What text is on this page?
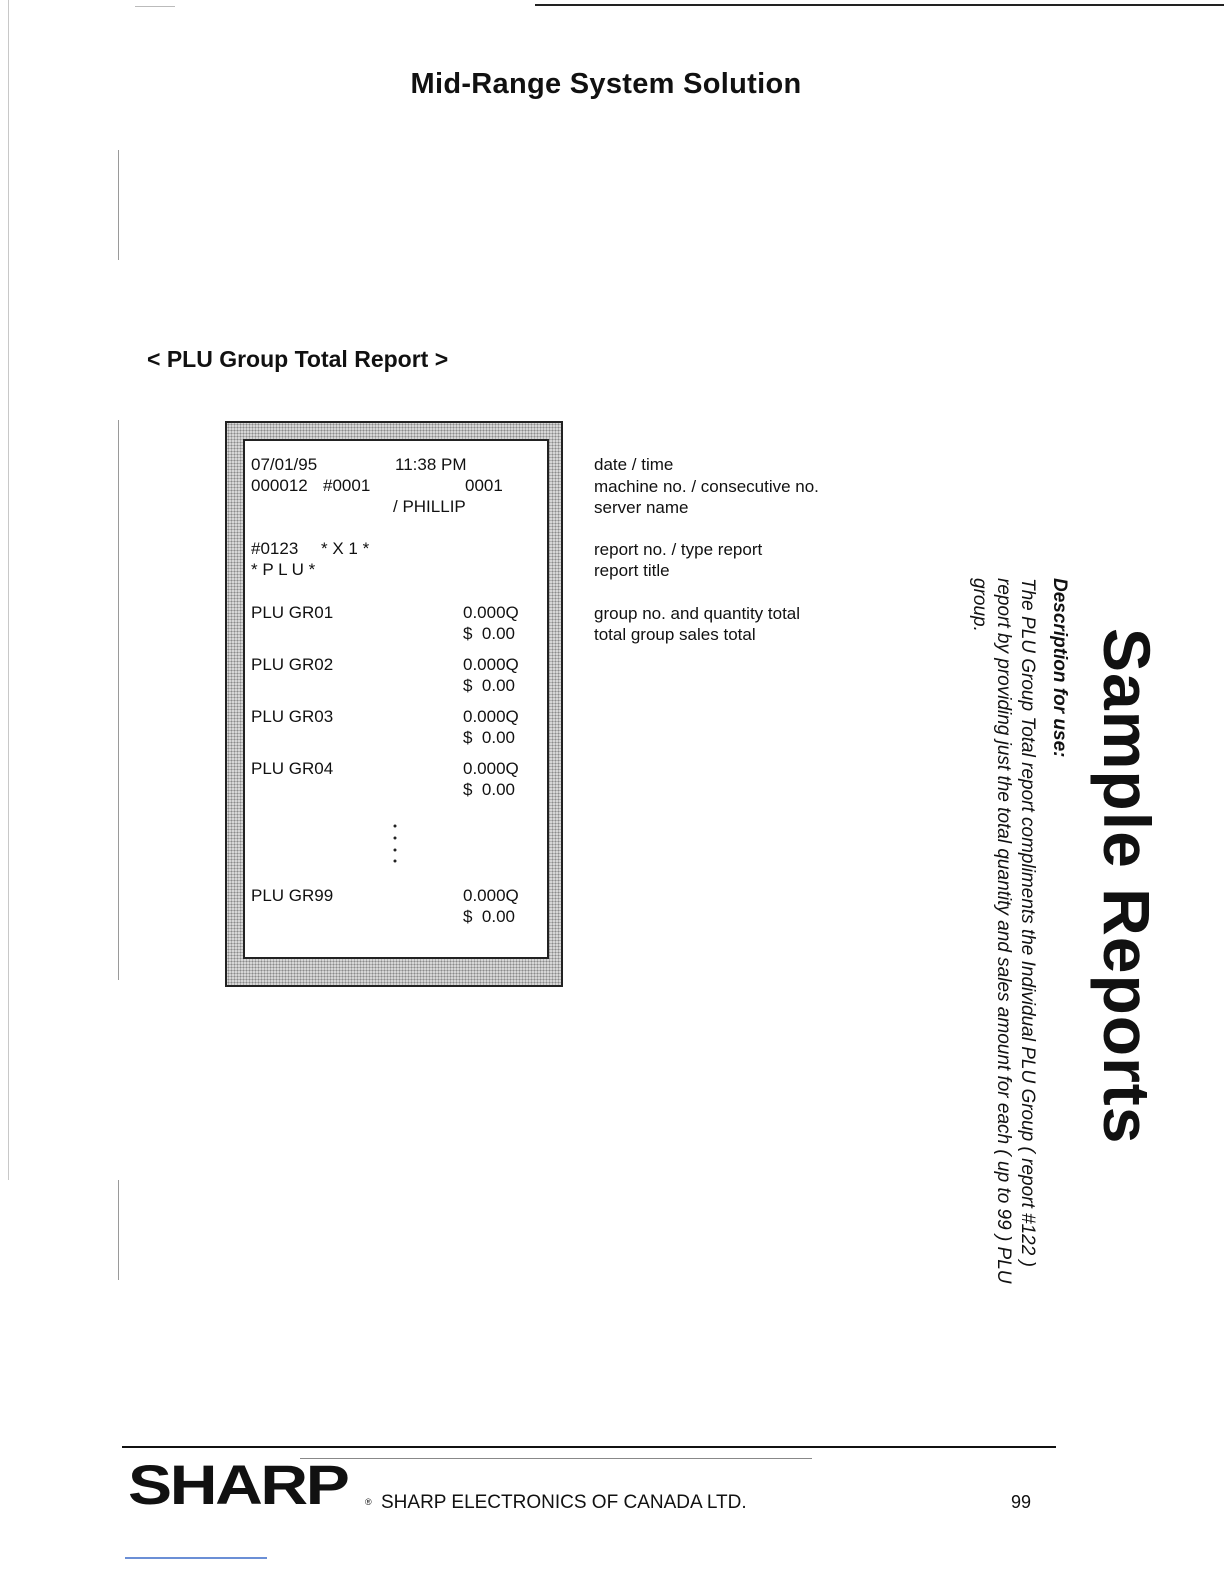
Mid-Range System Solution
< PLU Group Total Report >
07/01/95	11:38 PM
000012 #0001	0001
/ PHILLIP
#0123 * X 1 *
* P L U *
PLU GR01	0.000Q
$  0.00
PLU GR02	0.000Q
$  0.00
PLU GR03	0.000Q
$  0.00
PLU GR04	0.000Q
$  0.00
PLU GR99	0.000Q
$  0.00
date / time
machine no. / consecutive no.
server name
report no. / type report
report title
group no. and quantity total
total group sales total	Sample Reports
Description for use:
The PLU Group Total report compliments the Individual PLU Group ( report #122 )
report by providing just the total quantity and sales amount for each ( up to 99 ) PLU
group.
SHARP ® SHARP ELECTRONICS OF CANADA LTD.	99
